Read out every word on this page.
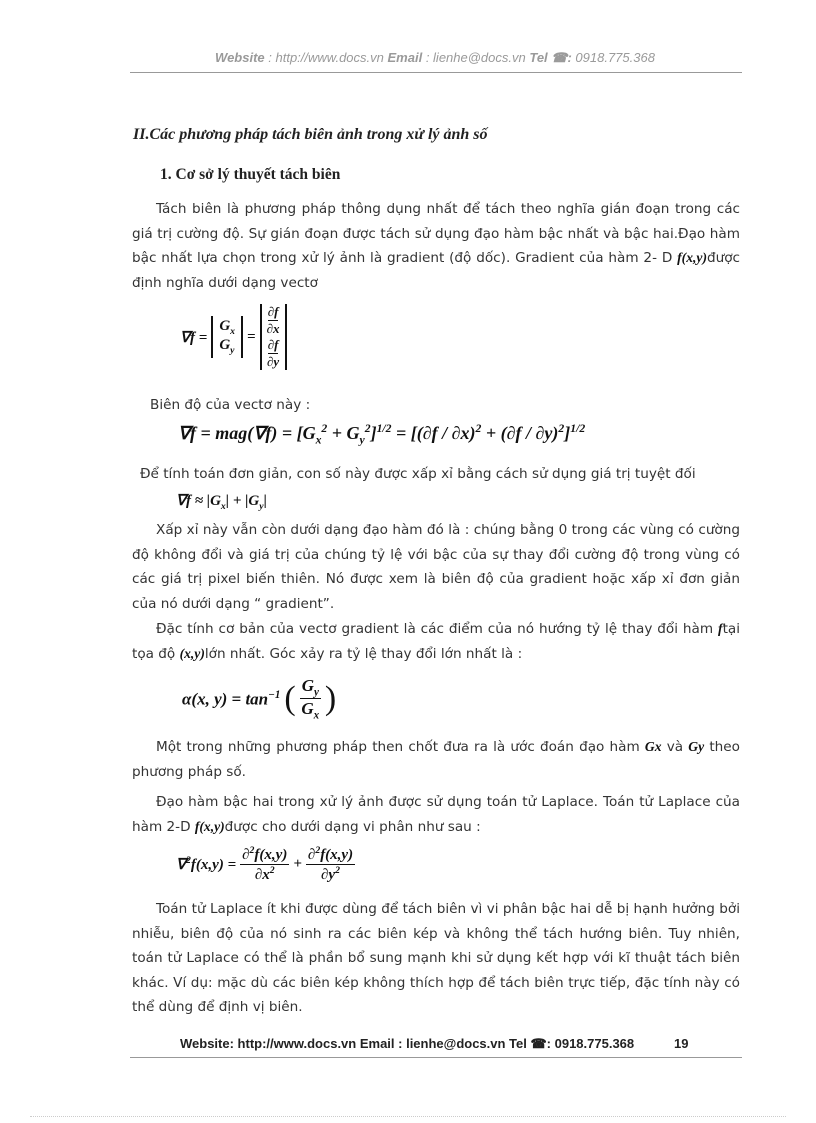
Website : http://www.docs.vn Email : lienhe@docs.vn Tel ☎: 0918.775.368
II.Các phương pháp tách biên ảnh trong xử lý ảnh số
1. Cơ sở lý thuyết tách biên
Tách biên là phương pháp thông dụng nhất để tách theo nghĩa gián đoạn trong các giá trị cường độ. Sự gián đoạn được tách sử dụng đạo hàm bậc nhất và bậc hai.Đạo hàm bậc nhất lựa chọn trong xử lý ảnh là gradient (độ dốc). Gradient của hàm 2- D f(x,y)được định nghĩa dưới dạng vectơ
∇f =
$G_x$
$G_y$
=
∂f
∂x
∂f
∂y
Biên độ của vectơ này :
$\nabla f = mag(\nabla f) = [G_x^2 + G_y^2]^{1/2} = [(\partial f / \partial x)^2 + (\partial f / \partial y)^2]^{1/2}$
Để tính toán đơn giản, con số này được xấp xỉ bằng cách sử dụng giá trị tuyệt đối
$\nabla f \approx |G_x| + |G_y|$
Xấp xỉ này vẫn còn dưới dạng đạo hàm đó là : chúng bằng 0 trong các vùng có cường độ không đổi và giá trị của chúng tỷ lệ với bậc của sự thay đổi cường độ trong vùng có các giá trị pixel biến thiên. Nó được xem là biên độ của gradient hoặc xấp xỉ đơn giản của nó dưới dạng “ gradient”.
Đặc tính cơ bản của vectơ gradient là các điểm của nó hướng tỷ lệ thay đổi hàm ftại tọa độ (x,y)lớn nhất. Góc xảy ra tỷ lệ thay đổi lớn nhất là :
α(x, $y) = \tan^{-1}$ ( $\frac{G_y}{G_x}$ )
Một trong những phương pháp then chốt đưa ra là ước đoán đạo hàm Gx và Gy theo phương pháp số.
Đạo hàm bậc hai trong xử lý ảnh được sử dụng toán tử Laplace. Toán tử Laplace của hàm 2-D f(x,y)được cho dưới dạng vi phân như sau :
$\nabla^2f(x,y) = \frac{\partial^2f(x,y)}{\partial x^2} + \frac{\partial^2f(x,y)}{\partial y^2}$
Toán tử Laplace ít khi được dùng để tách biên vì vi phân bậc hai dễ bị hạnh hưởng bởi nhiễu, biên độ của nó sinh ra các biên kép và không thể tách hướng biên. Tuy nhiên, toán tử Laplace có thể là phần bổ sung mạnh khi sử dụng kết hợp với kĩ thuật tách biên khác. Ví dụ: mặc dù các biên kép không thích hợp để tách biên trực tiếp, đặc tính này có thể dùng để định vị biên.
Website: http://www.docs.vn Email : lienhe@docs.vn Tel ☎: 0918.775.368	19
